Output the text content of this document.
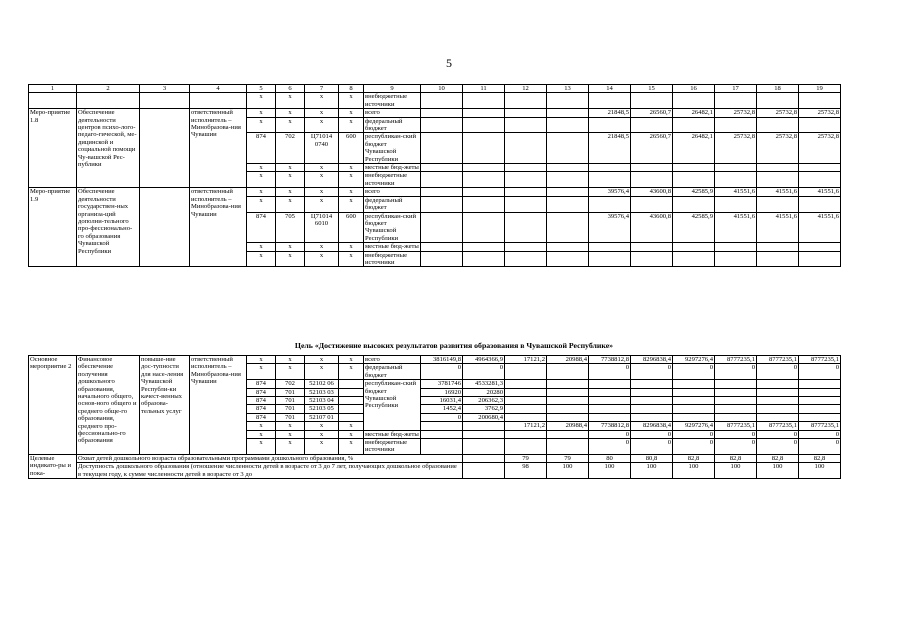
5
1	2	3	4	5	6	7	8	9	10	11	12	13	14	15	16	17	18	19
				x	x	x	x	внебюджетные источники										
Меро-приятие 1.8	Обеспечение деятельности центров психо-лого-педаго-гической, ме-дицинской и социальной помощи Чу-вашской Рес-публики		ответственный исполнитель – Минобразова-ния Чувашии	x	x	x	x	всего					21848,5	26560,7	26482,1	25732,8	25732,8	25732,8
				x	x	x	x	федеральный бюджет										
				874	702	Ц71014 0740	600	республикан-ский бюджет Чувашской Республики					21848,5	26560,7	26482,1	25732,8	25732,8	25732,8
				x	x	x	x	местные бюд-жеты										
				x	x	x	x	внебюджетные источники										
Меро-приятие 1.9	Обеспечение деятельности государствен-ных организа-ций дополни-тельного про-фессионально-го образования Чувашской Республики		ответственный исполнитель – Минобразова-ния Чувашии	x	x	x	x	всего					39576,4	43600,8	42585,9	41551,6	41551,6	41551,6
				x	x	x	x	федеральный бюджет										
				874	705	Ц71014 6010	600	республикан-ский бюджет Чувашской Республики					39576,4	43600,8	42585,9	41551,6	41551,6	41551,6
				x	x	x	x	местные бюд-жеты										
				x	x	x	x	внебюджетные источники										
Цель «Достижение высоких результатов развития образования в Чувашской Республике»
Основное мероприятие 2	Финансовое обеспечение получения дошкольного образования, начального общего, основ-ного общего и среднего обще-го образования, среднего про-фессионально-го образования	повыше-ние дос-тупности для насе-ления Чувашской Республи-ки качест-венных образова-тельных услуг	ответственный исполнитель – Минобразова-ния Чувашии	x	x	x	x	всего	3816149,8	4964366,9	17121,2	20988,4	7738812,8	8296838,4	9297276,4	8777235,1	8777235,1	8777235,1
				x	x	x	x	федеральный бюджет	0	0			0	0	0	0	0	0
				874	702	52102 06		республикан-ский бюджет Чувашской Республики	3781746	4533281,3								
				874	701	52103 03			16920	20280								
				874	701	52103 04			16031,4	206362,3								
				874	701	52103 05			1452,4	3762,9								
				874	701	52107 01			0	200680,4								
				x	x	x	x				17121,2	20988,4	7738812,8	8296838,4	9297276,4	8777235,1	8777235,1	8777235,1
				x	x	x	x	местные бюд-жеты					0	0	0	0	0	0
				x	x	x	x	внебюджетные источники					0	0	0	0	0	0
Целевые индикато-ры и пока-	Охват детей дошкольного возраста образовательными программами дошкольного образования, %										79	79	80	80,8	82,8	82,8	82,8	82,8
	Доступность дошкольного образования (отношение численности детей в возрасте от 3 до 7 лет, получающих дошкольное образование в текущем году, к сумме численности детей в возрасте от 3 до										98	100	100	100	100	100	100	100
